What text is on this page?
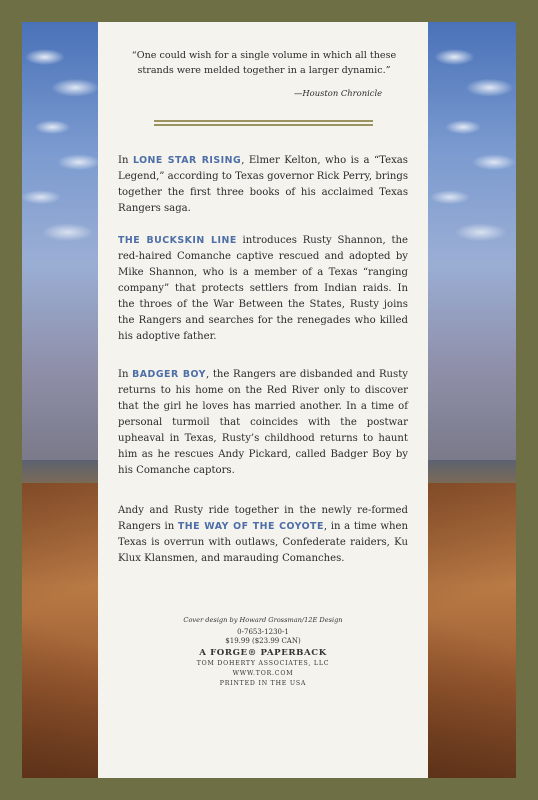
“One could wish for a single volume in which all these strands were melded together in a larger dynamic.”
—Houston Chronicle

In LONE STAR RISING, Elmer Kelton, who is a “Texas Legend,” according to Texas governor Rick Perry, brings together the first three books of his acclaimed Texas Rangers saga.

THE BUCKSKIN LINE introduces Rusty Shannon, the red-haired Comanche captive rescued and adopted by Mike Shannon, who is a member of a Texas “ranging company” that protects settlers from Indian raids. In the throes of the War Between the States, Rusty joins the Rangers and searches for the renegades who killed his adoptive father.

In BADGER BOY, the Rangers are disbanded and Rusty returns to his home on the Red River only to discover that the girl he loves has married another. In a time of personal turmoil that coincides with the postwar upheaval in Texas, Rusty’s childhood returns to haunt him as he rescues Andy Pickard, called Badger Boy by his Comanche captors.

Andy and Rusty ride together in the newly re-formed Rangers in THE WAY OF THE COYOTE, in a time when Texas is overrun with outlaws, Confederate raiders, Ku Klux Klansmen, and marauding Comanches.

Cover design by Howard Grossman/12E Design
0-7653-1230-1
$19.99 ($23.99 CAN)
A FORGE® PAPERBACK
TOM DOHERTY ASSOCIATES, LLC
WWW.TOR.COM
PRINTED IN THE USA
